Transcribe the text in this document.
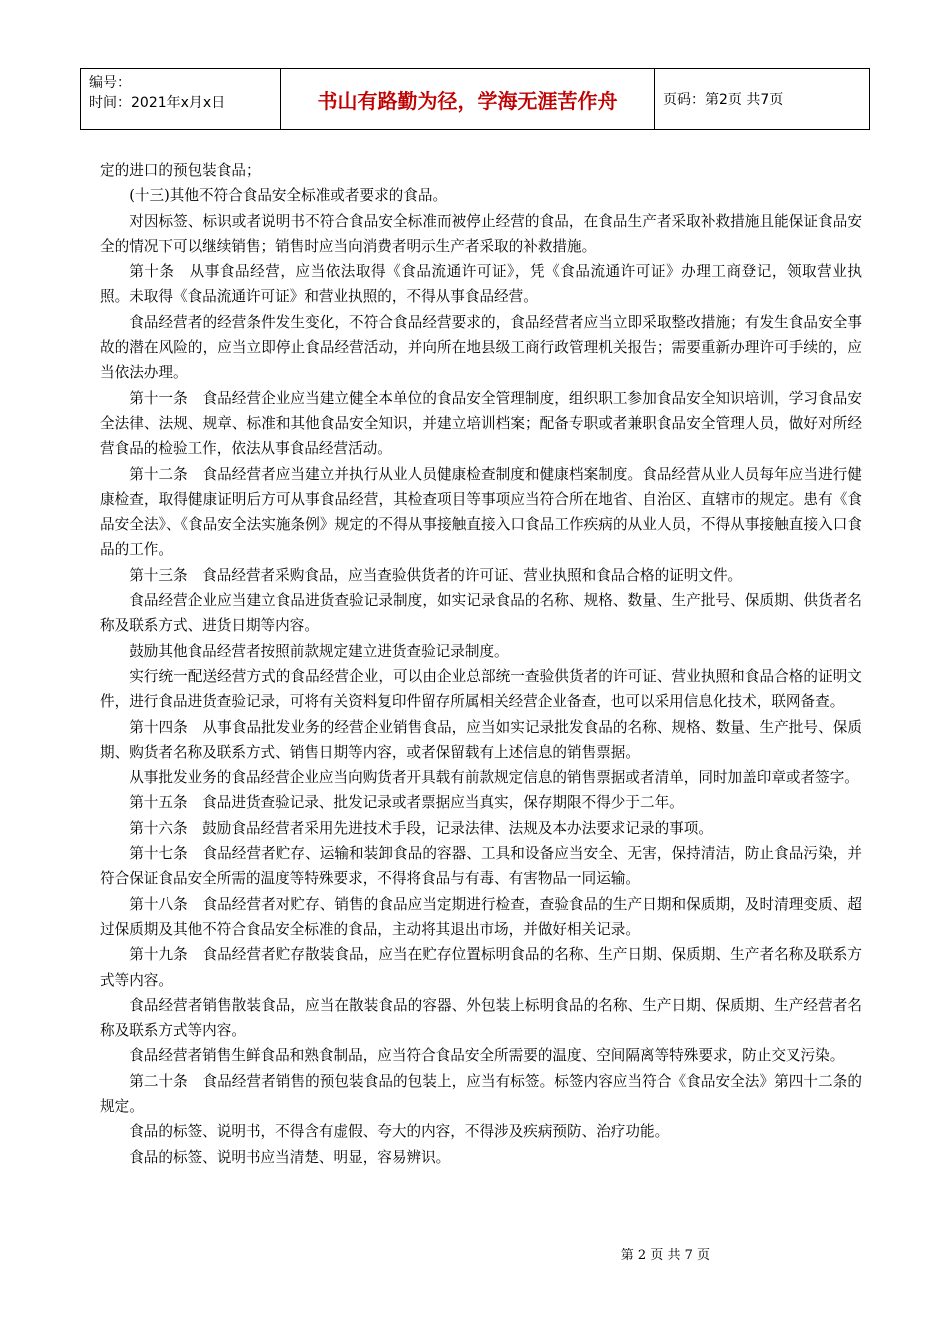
编号：
时间：2021年x月x日	书山有路勤为径，学海无涯苦作舟	页码：第2页 共7页

定的进口的预包装食品；

(十三)其他不符合食品安全标准或者要求的食品。

对因标签、标识或者说明书不符合食品安全标准而被停止经营的食品，在食品生产者采取补救措施且能保证食品安全的情况下可以继续销售；销售时应当向消费者明示生产者采取的补救措施。

第十条　从事食品经营，应当依法取得《食品流通许可证》，凭《食品流通许可证》办理工商登记，领取营业执照。未取得《食品流通许可证》和营业执照的，不得从事食品经营。

食品经营者的经营条件发生变化，不符合食品经营要求的，食品经营者应当立即采取整改措施；有发生食品安全事故的潜在风险的，应当立即停止食品经营活动，并向所在地县级工商行政管理机关报告；需要重新办理许可手续的，应当依法办理。

第十一条　食品经营企业应当建立健全本单位的食品安全管理制度，组织职工参加食品安全知识培训，学习食品安全法律、法规、规章、标准和其他食品安全知识，并建立培训档案；配备专职或者兼职食品安全管理人员，做好对所经营食品的检验工作，依法从事食品经营活动。

第十二条　食品经营者应当建立并执行从业人员健康检查制度和健康档案制度。食品经营从业人员每年应当进行健康检查，取得健康证明后方可从事食品经营，其检查项目等事项应当符合所在地省、自治区、直辖市的规定。患有《食品安全法》、《食品安全法实施条例》规定的不得从事接触直接入口食品工作疾病的从业人员，不得从事接触直接入口食品的工作。

第十三条　食品经营者采购食品，应当查验供货者的许可证、营业执照和食品合格的证明文件。

食品经营企业应当建立食品进货查验记录制度，如实记录食品的名称、规格、数量、生产批号、保质期、供货者名称及联系方式、进货日期等内容。

鼓励其他食品经营者按照前款规定建立进货查验记录制度。

实行统一配送经营方式的食品经营企业，可以由企业总部统一查验供货者的许可证、营业执照和食品合格的证明文件，进行食品进货查验记录，可将有关资料复印件留存所属相关经营企业备查，也可以采用信息化技术，联网备查。

第十四条　从事食品批发业务的经营企业销售食品，应当如实记录批发食品的名称、规格、数量、生产批号、保质期、购货者名称及联系方式、销售日期等内容，或者保留载有上述信息的销售票据。

从事批发业务的食品经营企业应当向购货者开具载有前款规定信息的销售票据或者清单，同时加盖印章或者签字。

第十五条　食品进货查验记录、批发记录或者票据应当真实，保存期限不得少于二年。

第十六条　鼓励食品经营者采用先进技术手段，记录法律、法规及本办法要求记录的事项。

第十七条　食品经营者贮存、运输和装卸食品的容器、工具和设备应当安全、无害，保持清洁，防止食品污染，并符合保证食品安全所需的温度等特殊要求，不得将食品与有毒、有害物品一同运输。

第十八条　食品经营者对贮存、销售的食品应当定期进行检查，查验食品的生产日期和保质期，及时清理变质、超过保质期及其他不符合食品安全标准的食品，主动将其退出市场，并做好相关记录。

第十九条　食品经营者贮存散装食品，应当在贮存位置标明食品的名称、生产日期、保质期、生产者名称及联系方式等内容。

食品经营者销售散装食品，应当在散装食品的容器、外包装上标明食品的名称、生产日期、保质期、生产经营者名称及联系方式等内容。

食品经营者销售生鲜食品和熟食制品，应当符合食品安全所需要的温度、空间隔离等特殊要求，防止交叉污染。

第二十条　食品经营者销售的预包装食品的包装上，应当有标签。标签内容应当符合《食品安全法》第四十二条的规定。

食品的标签、说明书，不得含有虚假、夸大的内容，不得涉及疾病预防、治疗功能。

食品的标签、说明书应当清楚、明显，容易辨识。

第 2 页 共 7 页
